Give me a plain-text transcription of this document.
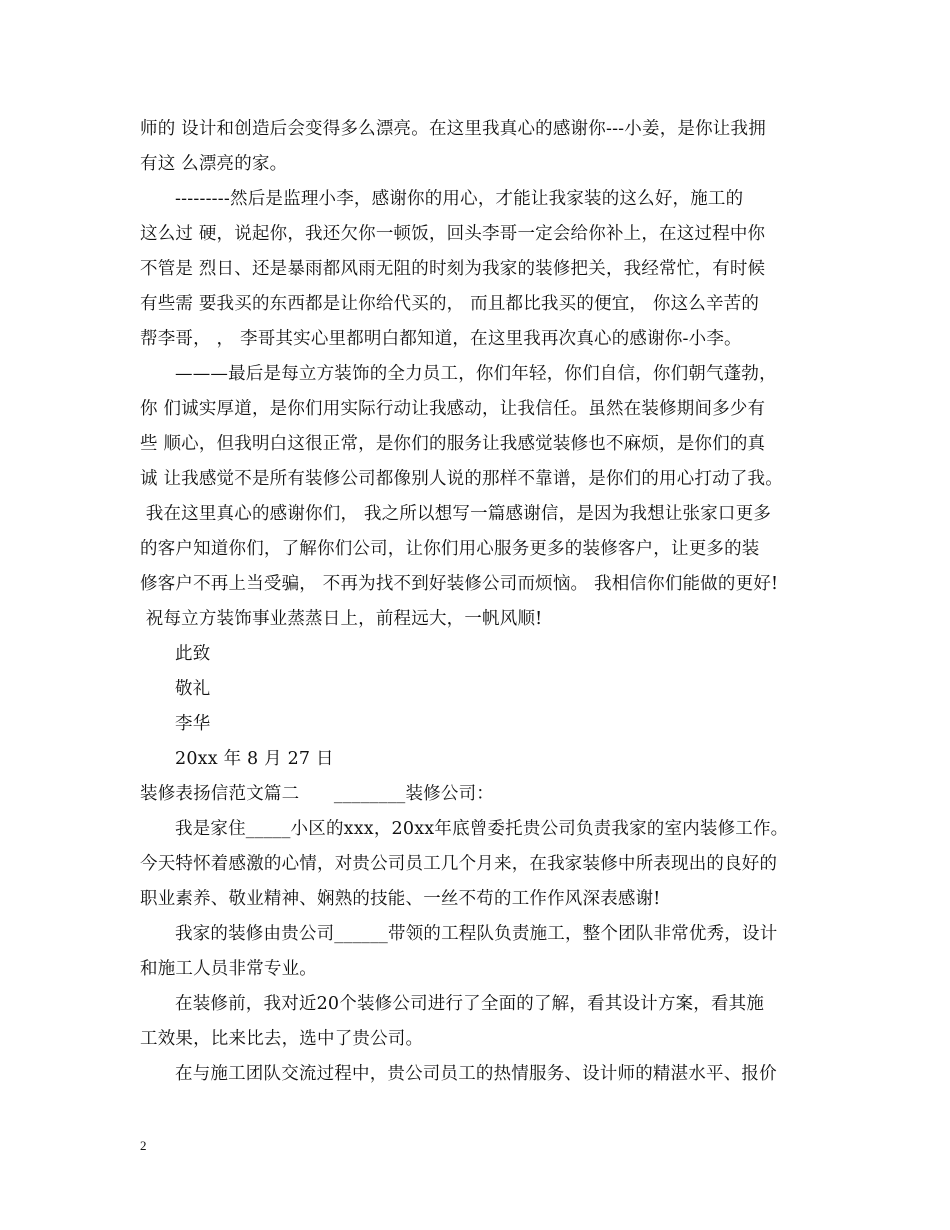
师的 设计和创造后会变得多么漂亮。在这里我真心的感谢你---小姜，是你让我拥
有这 么漂亮的家。
---------然后是监理小李，感谢你的用心，才能让我家装的这么好，施工的
这么过 硬，说起你，我还欠你一顿饭，回头李哥一定会给你补上，在这过程中你
不管是 烈日、还是暴雨都风雨无阻的时刻为我家的装修把关，我经常忙，有时候
有些需 要我买的东西都是让你给代买的， 而且都比我买的便宜， 你这么辛苦的
帮李哥， ， 李哥其实心里都明白都知道，在这里我再次真心的感谢你-小李。
———最后是每立方装饰的全力员工，你们年轻，你们自信，你们朝气蓬勃，
你 们诚实厚道，是你们用实际行动让我感动，让我信任。虽然在装修期间多少有
些 顺心，但我明白这很正常，是你们的服务让我感觉装修也不麻烦，是你们的真
诚 让我感觉不是所有装修公司都像别人说的那样不靠谱，是你们的用心打动了我。
我在这里真心的感谢你们， 我之所以想写一篇感谢信，是因为我想让张家口更多
的客户知道你们，了解你们公司，让你们用心服务更多的装修客户，让更多的装
修客户不再上当受骗， 不再为找不到好装修公司而烦恼。 我相信你们能做的更好!
祝每立方装饰事业蒸蒸日上，前程远大，一帆风顺!
此致
敬礼
李华
20xx 年 8 月 27 日
装修表扬信范文篇二      ________装修公司：
我是家住_____小区的xxx，20xx年底曾委托贵公司负责我家的室内装修工作。
今天特怀着感激的心情，对贵公司员工几个月来，在我家装修中所表现出的良好的
职业素养、敬业精神、娴熟的技能、一丝不苟的工作作风深表感谢!
我家的装修由贵公司______带领的工程队负责施工，整个团队非常优秀，设计
和施工人员非常专业。
在装修前，我对近20个装修公司进行了全面的了解，看其设计方案，看其施
工效果，比来比去，选中了贵公司。
在与施工团队交流过程中，贵公司员工的热情服务、设计师的精湛水平、报价
2
